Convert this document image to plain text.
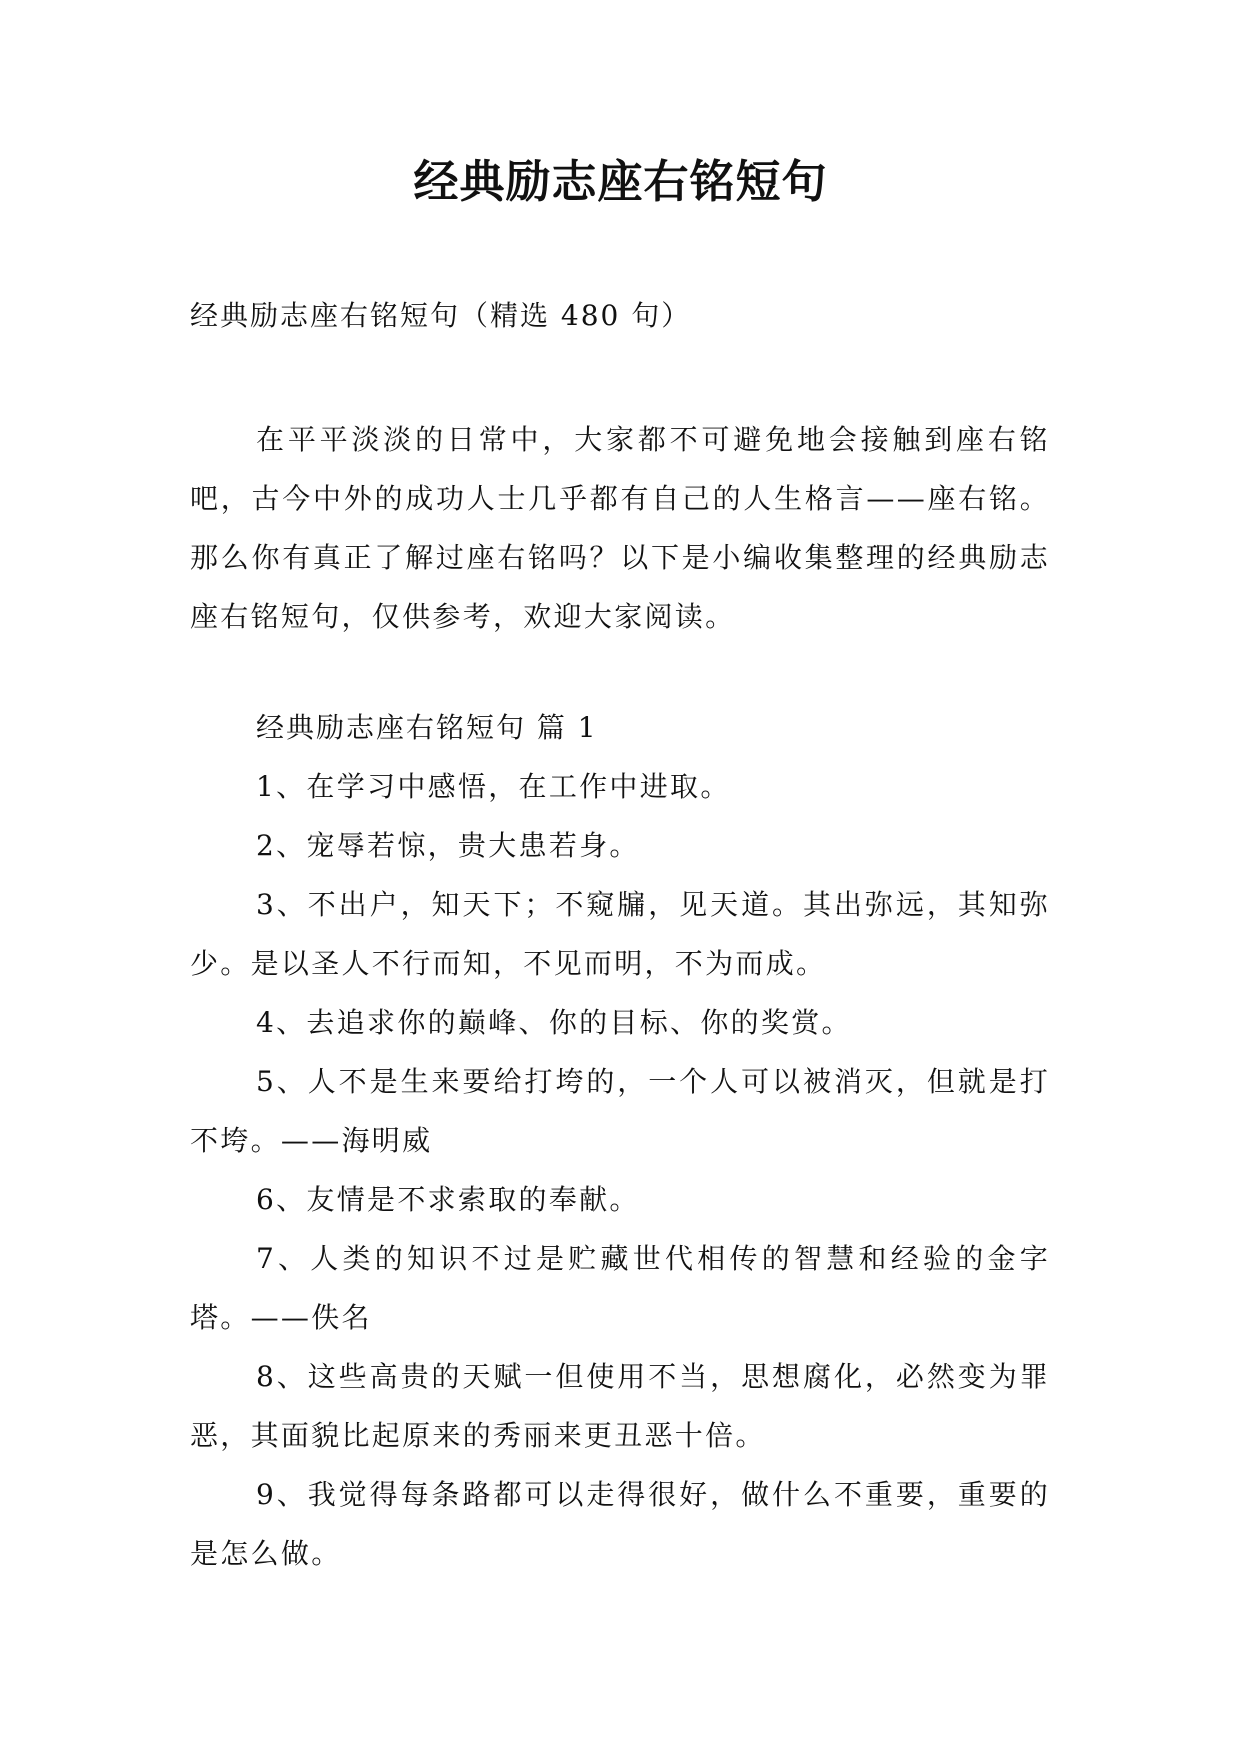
经典励志座右铭短句
经典励志座右铭短句（精选 480 句）

在平平淡淡的日常中，大家都不可避免地会接触到座右铭吧，古今中外的成功人士几乎都有自己的人生格言——座右铭。那么你有真正了解过座右铭吗？以下是小编收集整理的经典励志座右铭短句，仅供参考，欢迎大家阅读。

经典励志座右铭短句 篇 1

1、在学习中感悟，在工作中进取。

2、宠辱若惊，贵大患若身。

3、不出户，知天下；不窥牖，见天道。其出弥远，其知弥少。是以圣人不行而知，不见而明，不为而成。

4、去追求你的巅峰、你的目标、你的奖赏。

5、人不是生来要给打垮的，一个人可以被消灭，但就是打不垮。——海明威

6、友情是不求索取的奉献。

7、人类的知识不过是贮藏世代相传的智慧和经验的金字塔。——佚名

8、这些高贵的天赋一但使用不当，思想腐化，必然变为罪恶，其面貌比起原来的秀丽来更丑恶十倍。

9、我觉得每条路都可以走得很好，做什么不重要，重要的是怎么做。
